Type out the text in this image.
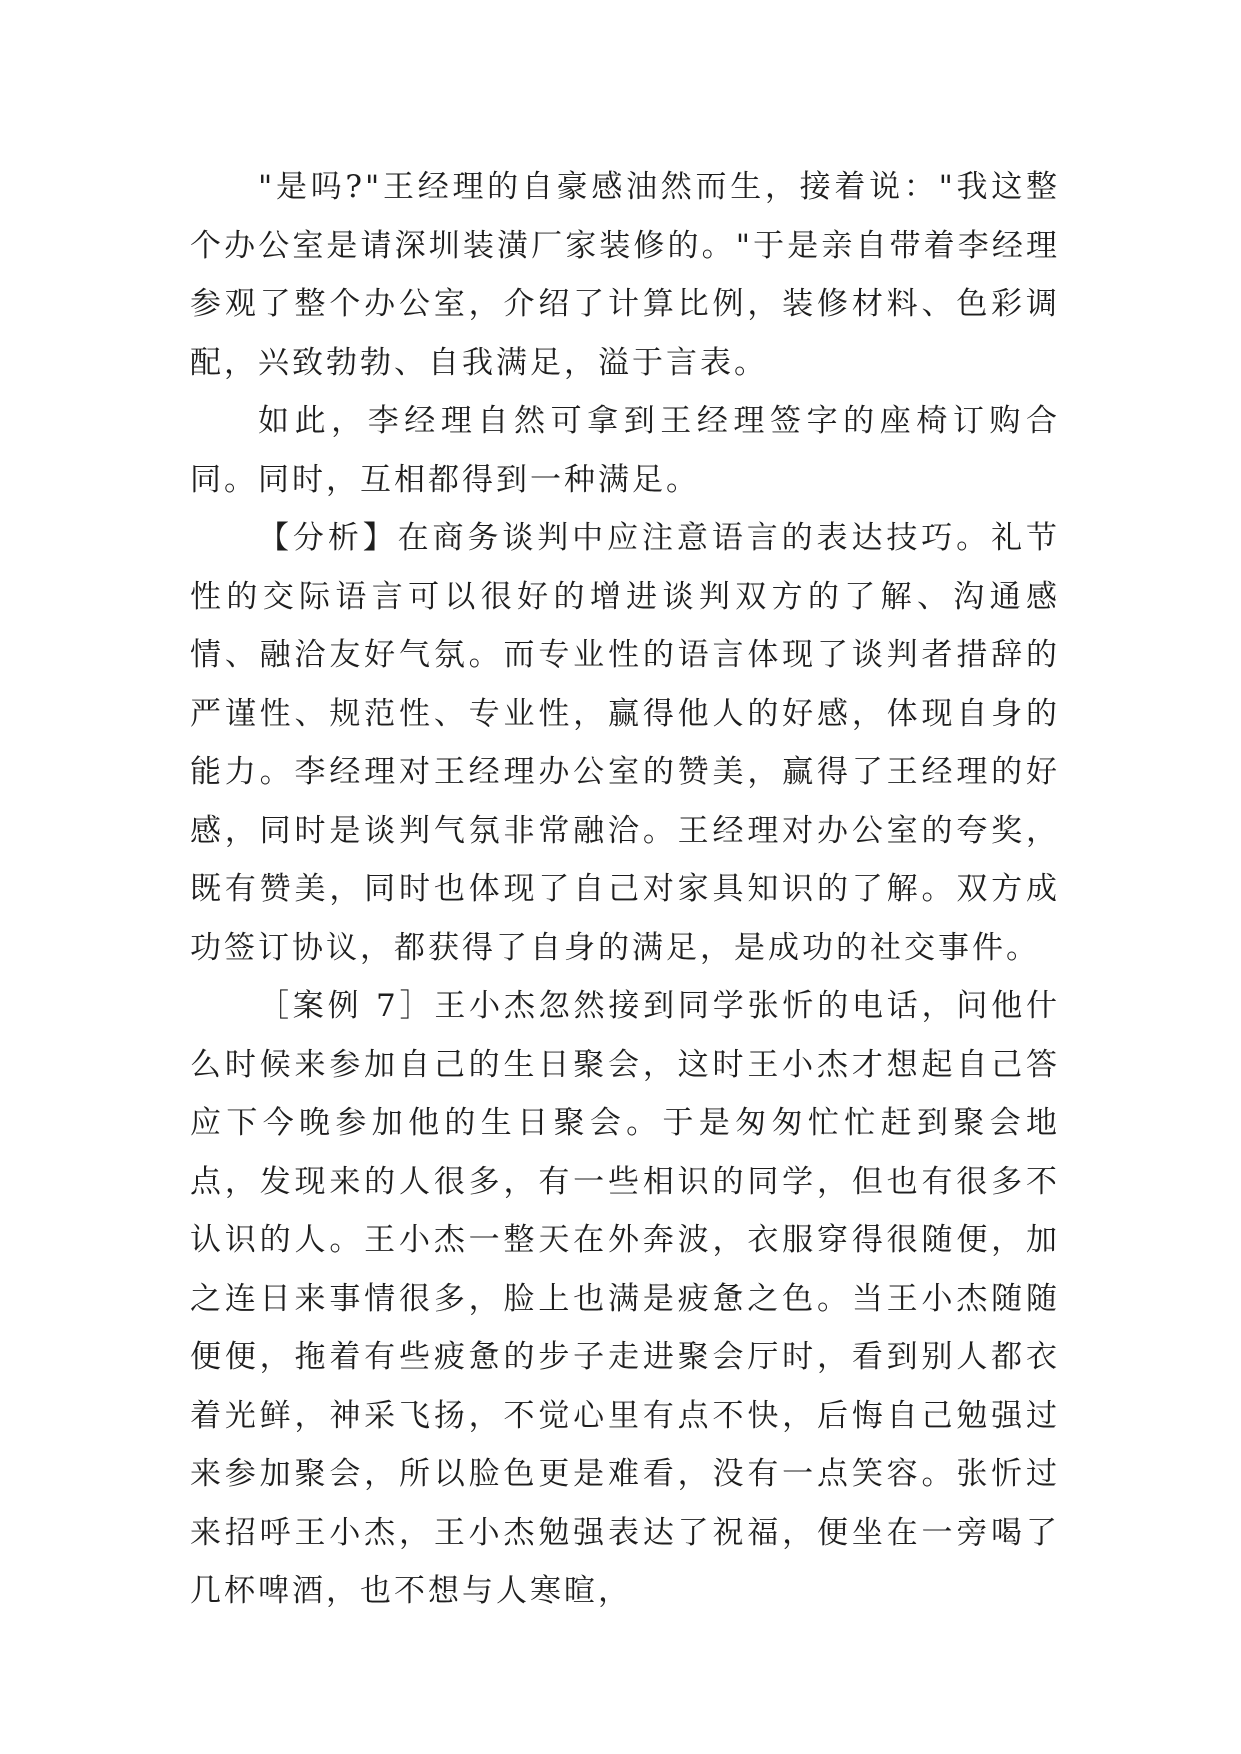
"是吗?"王经理的自豪感油然而生，接着说："我这整个办公室是请深圳装潢厂家装修的。"于是亲自带着李经理参观了整个办公室，介绍了计算比例，装修材料、色彩调配，兴致勃勃、自我满足，溢于言表。

如此，李经理自然可拿到王经理签字的座椅订购合同。同时，互相都得到一种满足。

【分析】在商务谈判中应注意语言的表达技巧。礼节性的交际语言可以很好的增进谈判双方的了解、沟通感情、融洽友好气氛。而专业性的语言体现了谈判者措辞的严谨性、规范性、专业性，赢得他人的好感，体现自身的能力。李经理对王经理办公室的赞美，赢得了王经理的好感，同时是谈判气氛非常融洽。王经理对办公室的夸奖，既有赞美，同时也体现了自己对家具知识的了解。双方成功签订协议，都获得了自身的满足，是成功的社交事件。

［案例 7］王小杰忽然接到同学张忻的电话，问他什么时候来参加自己的生日聚会，这时王小杰才想起自己答应下今晚参加他的生日聚会。于是匆匆忙忙赶到聚会地点，发现来的人很多，有一些相识的同学，但也有很多不认识的人。王小杰一整天在外奔波，衣服穿得很随便，加之连日来事情很多，脸上也满是疲惫之色。当王小杰随随便便，拖着有些疲惫的步子走进聚会厅时，看到别人都衣着光鲜，神采飞扬，不觉心里有点不快，后悔自己勉强过来参加聚会，所以脸色更是难看，没有一点笑容。张忻过来招呼王小杰，王小杰勉强表达了祝福，便坐在一旁喝了几杯啤酒，也不想与人寒暄，
